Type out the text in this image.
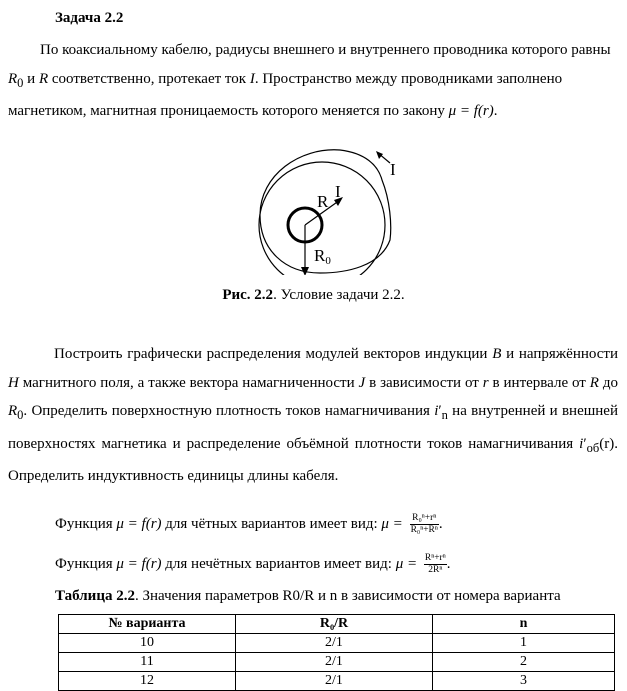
Задача 2.2
По коаксиальному кабелю, радиусы внешнего и внутреннего проводника которого равны $R_0$ и R соответственно, протекает ток I. Пространство между проводниками заполнено магнетиком, магнитная проницаемость которого меняется по закону μ = f(r).
I
I
R
R0
Рис. 2.2. Условие задачи 2.2.
Построить графически распределения модулей векторов индукции B и напряжённости H магнитного поля, а также вектора намагниченности J в зависимости от r в интервале от R до $R_0$. Определить поверхностную плотность токов намагничивания $i'_n$ на внутренней и внешней поверхностях магнетика и распределение объёмной плотности токов намагничивания $i'_{об}(r)$. Определить индуктивность единицы длины кабеля.
Функция μ = f(r) для чётных вариантов имеет вид: $\mu = \frac{\text{R₀ⁿ+rⁿ}}{\text{R₀ⁿ+Rⁿ}}$ .
Функция μ = f(r) для нечётных вариантов имеет вид: $\mu = \frac{\text{Rⁿ+rⁿ}}{\text{2Rⁿ}}$ .
Таблица 2.2. Значения параметров R0/R и n в зависимости от номера варианта
№ варианта	R₀/R	n
10	2/1	1
11	2/1	2
12	2/1	3
